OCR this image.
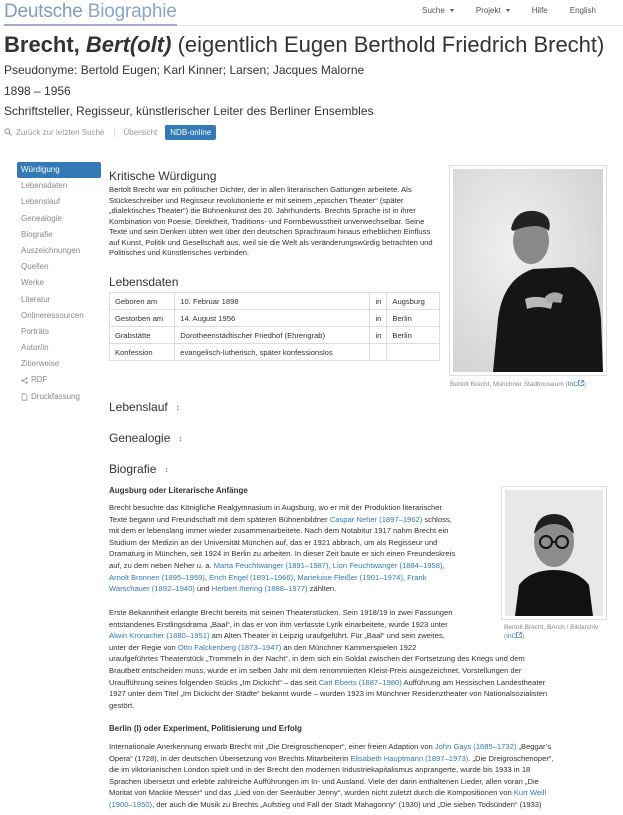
Deutsche Biographie	Suche	Projekt	Hilfe	English
Brecht, Bert(olt) (eigentlich Eugen Berthold Friedrich Brecht)
Pseudonyme: Bertold Eugen; Karl Kinner; Larsen; Jacques Malorne
1898 – 1956
Schriftsteller, Regisseur, künstlerischer Leiter des Berliner Ensembles
Zurück zur letzten Suche	Übersicht	NDB-online
Würdigung
Lebensdaten
Lebenslauf
Genealogie
Biografie
Auszeichnungen
Quellen
Werke
Literatur
Onlineressourcen
Porträts
Autor/in
Zitierweise
RDF
Druckfassung
Kritische Würdigung
Bertolt Brecht war ein politischer Dichter, der in allen literarischen Gattungen arbeitete. Als Stückeschreiber und Regisseur revolutionierte er mit seinem „epischen Theater“ (später „dialektisches Theater“) die Bühnenkunst des 20. Jahrhunderts. Brechts Sprache ist in ihrer Kombination von Poesie, Direktheit, Traditions- und Formbewusstheit unverwechselbar. Seine Texte und sein Denken übten weit über den deutschen Sprachraum hinaus erheblichen Einfluss auf Kunst, Politik und Gesellschaft aus, weil sie die Welt als veränderungswürdig betrachten und Politisches und Künstlerisches verbinden.
Lebensdaten
Geboren am	10. Februar 1898	in	Augsburg
Gestorben am	14. August 1956	in	Berlin
Grabstätte	Dorotheenstädtischer Friedhof (Ehrengrab)	in	Berlin
Konfession	evangelisch-lutherisch, später konfessionslos		
Bertolt Brecht, Münchner Stadtmuseum (InC )
Lebenslauf ↕
Genealogie ↕
Biografie ↕
Augsburg oder Literarische Anfänge
Brecht besuchte das Königliche Realgymnasium in Augsburg, wo er mit der Produktion literarischer
Texte begann und Freundschaft mit dem späteren Bühnenbildner Caspar Neher (1897–1962) schloss,
mit dem er lebenslang immer wieder zusammenarbeitete. Nach dem Notabitur 1917 nahm Brecht ein
Studium der Medizin an der Universität München auf, das er 1921 abbrach, um als Regisseur und
Dramaturg in München, seit 1924 in Berlin zu arbeiten. In dieser Zeit baute er sich einen Freundeskreis
auf, zu dem neben Neher u. a. Marta Feuchtwanger (1891–1987), Lion Feuchtwanger (1884–1958),
Arnolt Bronnen (1895–1959), Erich Engel (1891–1966), Marieluise Fleißer (1901–1974), Frank
Warschauer (1892–1940) und Herbert Ihering (1888–1977) zählten.
Erste Bekanntheit erlangte Brecht bereits mit seinen Theaterstücken. Sein 1918/19 in zwei Fassungen
entstandenes Erstlingsdrama „Baal“, in das er von ihm verfasste Lyrik einarbeitete, wurde 1923 unter
Alwin Kronacher (1880–1951) am Alten Theater in Leipzig uraufgeführt. Für „Baal“ und sein zweites,
unter der Regie von Otto Falckenberg (1873–1947) an den Münchner Kammerspielen 1922
uraufgeführtes Theaterstück „Trommeln in der Nacht“, in dem sich ein Soldat zwischen der Fortsetzung des Kriegs und dem
Brautbett entscheiden muss, wurde er im selben Jahr mit dem renommierten Kleist-Preis ausgezeichnet. Vorstellungen der
Uraufführung seines folgenden Stücks „Im Dickicht“ – das seit Carl Eberts (1887–1980) Aufführung am Hessischen Landestheater
1927 unter dem Titel „Im Dickicht der Städte“ bekannt wurde – wurden 1923 im Münchner Residenztheater von Nationalsozialisten
gestört.
Berlin (I) oder Experiment, Politisierung und Erfolg
Internationale Anerkennung erwarb Brecht mit „Die Dreigroschenoper“, einer freien Adaption von John Gays (1685–1732) „Beggar’s
Opera“ (1728), in der deutschen Übersetzung von Brechts Mitarbeiterin Elisabeth Hauptmann (1897–1973). „Die Dreigroschenoper“,
die im viktorianischen London spielt und in der Brecht den modernen Industriekapitalismus anprangerte, wurde bis 1933 in 18
Sprachen übersetzt und erlebte zahlreiche Aufführungen im In- und Ausland. Viele der darin enthaltenen Lieder, allen voran „Die
Moritat von Mackie Messer“ und das „Lied von der Seeräuber Jenny“, wurden nicht zuletzt durch die Kompositionen von Kurt Weill
(1900–1950), der auch die Musik zu Brechts „Aufstieg und Fall der Stadt Mahagonny“ (1930) und „Die sieben Todsünden“ (1933)
Bertolt Brecht, BArch / Bildarchiv (InC )
